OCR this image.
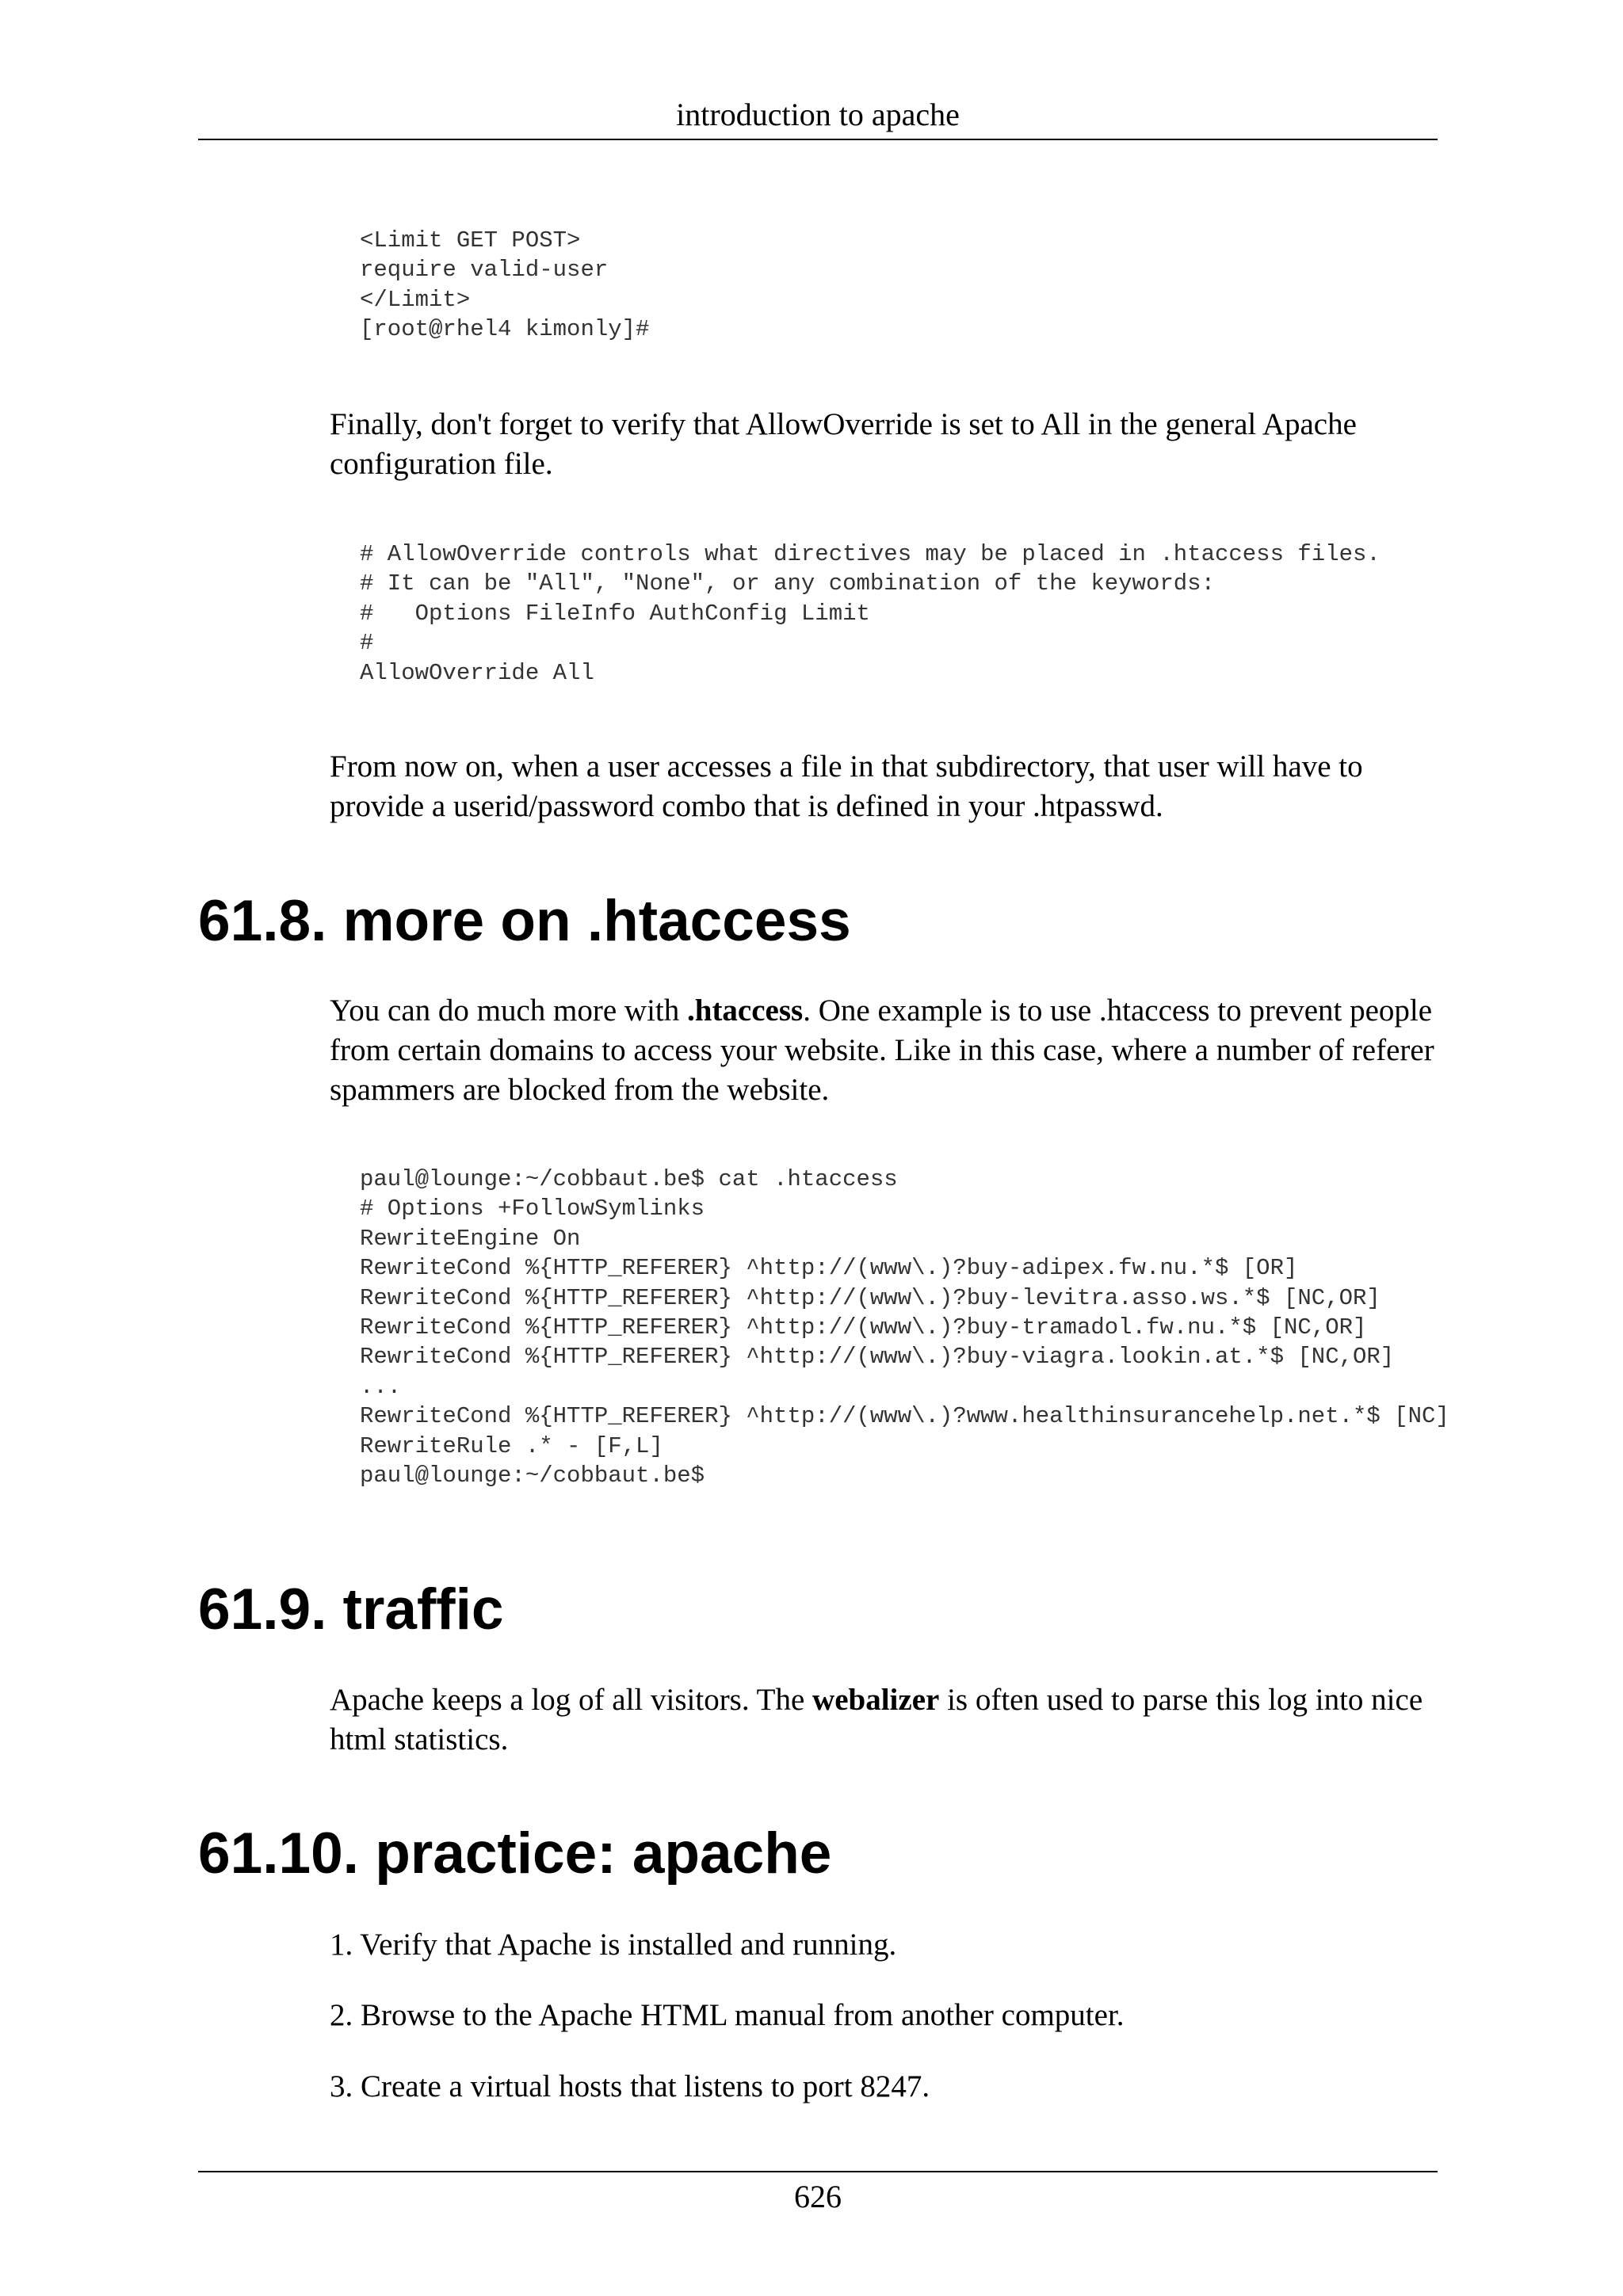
introduction to apache
<Limit GET POST>
require valid-user
</Limit>
[root@rhel4 kimonly]#

Finally, don't forget to verify that AllowOverride is set to All in the general Apache configuration file.

# AllowOverride controls what directives may be placed in .htaccess files.
# It can be "All", "None", or any combination of the keywords:
#   Options FileInfo AuthConfig Limit
#
AllowOverride All

From now on, when a user accesses a file in that subdirectory, that user will have to provide a userid/password combo that is defined in your .htpasswd.

61.8. more on .htaccess

You can do much more with .htaccess. One example is to use .htaccess to prevent people from certain domains to access your website. Like in this case, where a number of referer spammers are blocked from the website.

paul@lounge:~/cobbaut.be$ cat .htaccess
# Options +FollowSymlinks
RewriteEngine On
RewriteCond %{HTTP_REFERER} ^http://(www\.)?buy-adipex.fw.nu.*$ [OR]
RewriteCond %{HTTP_REFERER} ^http://(www\.)?buy-levitra.asso.ws.*$ [NC,OR]
RewriteCond %{HTTP_REFERER} ^http://(www\.)?buy-tramadol.fw.nu.*$ [NC,OR]
RewriteCond %{HTTP_REFERER} ^http://(www\.)?buy-viagra.lookin.at.*$ [NC,OR]
...
RewriteCond %{HTTP_REFERER} ^http://(www\.)?www.healthinsurancehelp.net.*$ [NC]
RewriteRule .* - [F,L]
paul@lounge:~/cobbaut.be$
61.9. traffic

Apache keeps a log of all visitors. The webalizer is often used to parse this log into nice html statistics.

61.10. practice: apache

1. Verify that Apache is installed and running.

2. Browse to the Apache HTML manual from another computer.

3. Create a virtual hosts that listens to port 8247.

626
